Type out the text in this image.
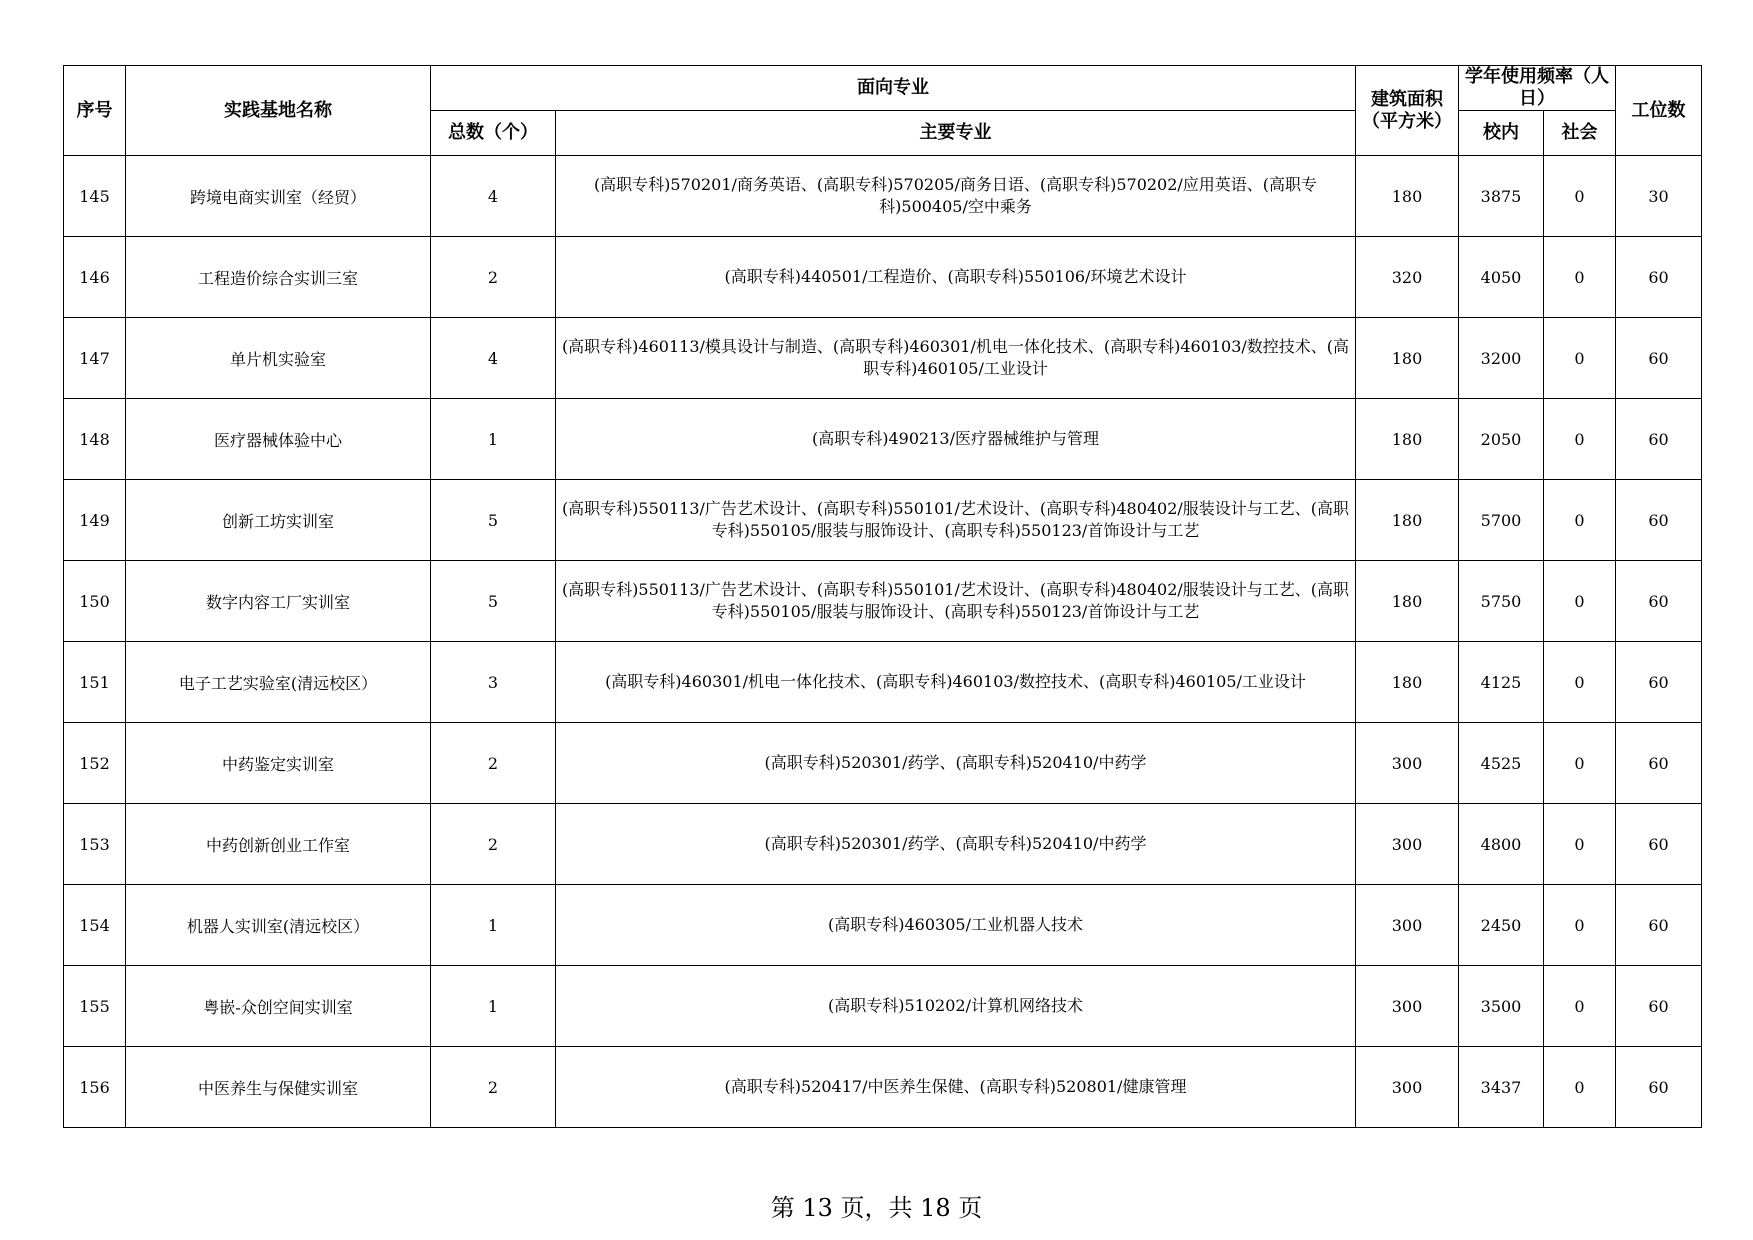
序号	实践基地名称	面向专业		建筑面积（平方米）	学年使用频率（人日）		工位数
		总数（个）	主要专业		校内	社会	
145	跨境电商实训室（经贸）	4	(高职专科)570201/商务英语、(高职专科)570205/商务日语、(高职专科)570202/应用英语、(高职专科)500405/空中乘务	180	3875	0	30
146	工程造价综合实训三室	2	(高职专科)440501/工程造价、(高职专科)550106/环境艺术设计	320	4050	0	60
147	单片机实验室	4	(高职专科)460113/模具设计与制造、(高职专科)460301/机电一体化技术、(高职专科)460103/数控技术、(高职专科)460105/工业设计	180	3200	0	60
148	医疗器械体验中心	1	(高职专科)490213/医疗器械维护与管理	180	2050	0	60
149	创新工坊实训室	5	(高职专科)550113/广告艺术设计、(高职专科)550101/艺术设计、(高职专科)480402/服装设计与工艺、(高职专科)550105/服装与服饰设计、(高职专科)550123/首饰设计与工艺	180	5700	0	60
150	数字内容工厂实训室	5	(高职专科)550113/广告艺术设计、(高职专科)550101/艺术设计、(高职专科)480402/服装设计与工艺、(高职专科)550105/服装与服饰设计、(高职专科)550123/首饰设计与工艺	180	5750	0	60
151	电子工艺实验室(清远校区）	3	(高职专科)460301/机电一体化技术、(高职专科)460103/数控技术、(高职专科)460105/工业设计	180	4125	0	60
152	中药鉴定实训室	2	(高职专科)520301/药学、(高职专科)520410/中药学	300	4525	0	60
153	中药创新创业工作室	2	(高职专科)520301/药学、(高职专科)520410/中药学	300	4800	0	60
154	机器人实训室(清远校区）	1	(高职专科)460305/工业机器人技术	300	2450	0	60
155	粤嵌-众创空间实训室	1	(高职专科)510202/计算机网络技术	300	3500	0	60
156	中医养生与保健实训室	2	(高职专科)520417/中医养生保健、(高职专科)520801/健康管理	300	3437	0	60
第 13 页，共 18 页
